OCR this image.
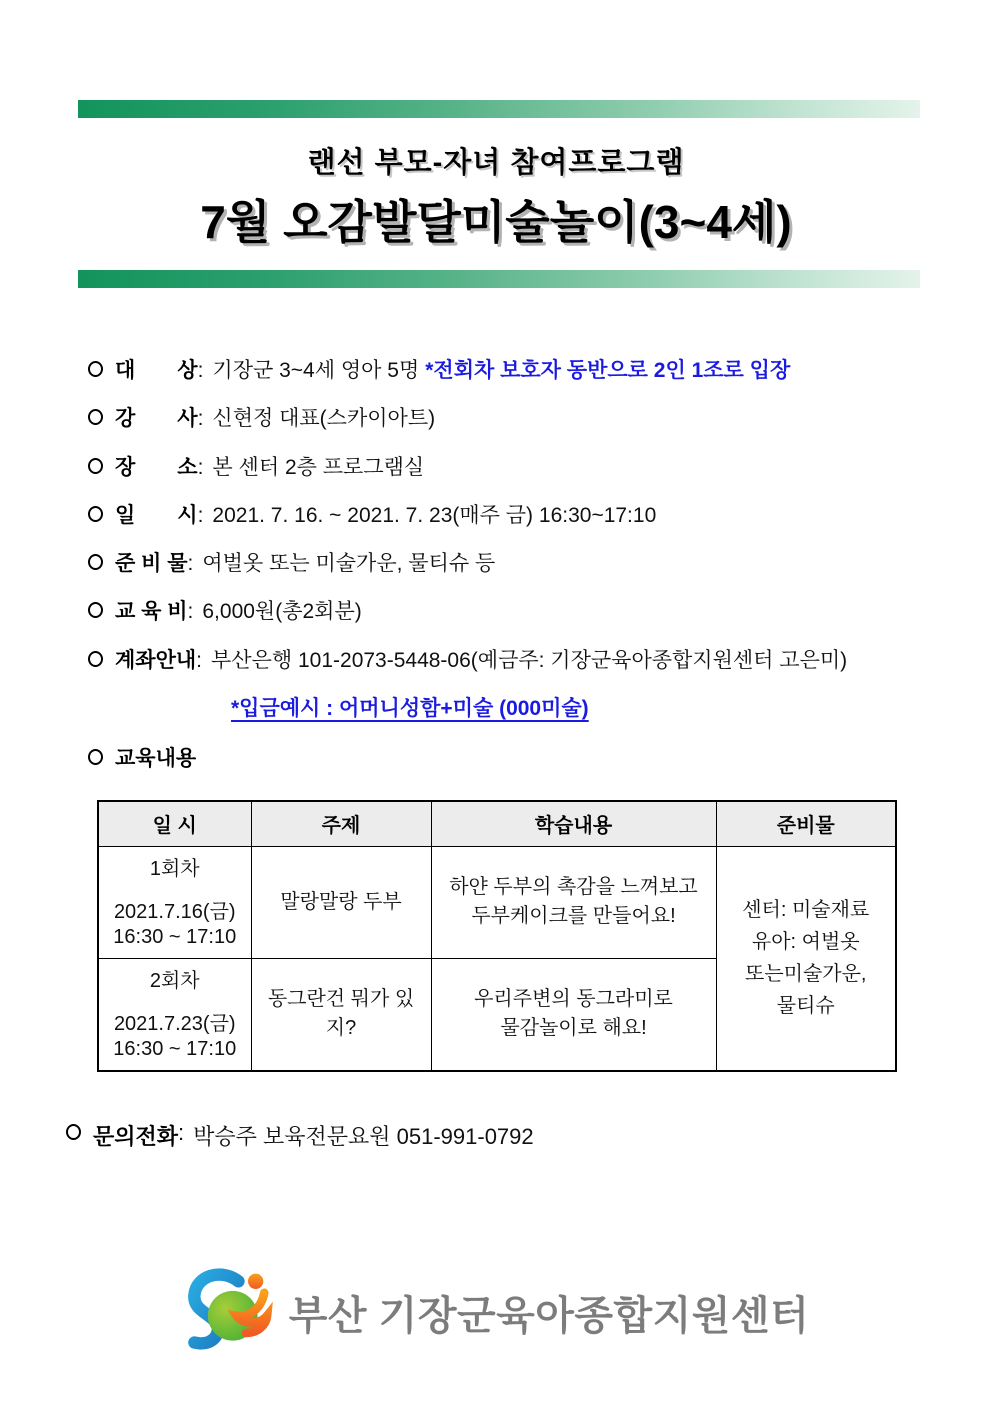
랜선 부모-자녀 참여프로그램
7월 오감발달미술놀이(3~4세)
대　　상 : 기장군 3~4세 영아 5명 *전회차 보호자 동반으로 2인 1조로 입장
강　　사 : 신현정 대표(스카이아트)
장　　소 : 본 센터 2층 프로그램실
일　　시 : 2021. 7. 16. ~ 2021. 7. 23(매주 금) 16:30~17:10
준 비 물 : 여벌옷 또는 미술가운, 물티슈 등
교 육 비 : 6,000원(총2회분)
계좌안내 : 부산은행 101-2073-5448-06(예금주: 기장군육아종합지원센터 고은미)
*입금예시 : 어머니성함+미술 (000미술)
교육내용
일 시	주제	학습내용	준비물

1회차
2021.7.16(금)
16:30 ~ 17:10
	말랑말랑 두부	하얀 두부의 촉감을 느껴보고 두부케이크를 만들어요!	센터: 미술재료
유아: 여벌옷
또는미술가운,
물티슈

2회차
2021.7.23(금)
16:30 ~ 17:10	동그란건 뭐가 있지?	우리주변의 동그라미로 물감놀이로 해요!	
문의전화 : 박승주 보육전문요원 051-991-0792
부산 기장군육아종합지원센터
